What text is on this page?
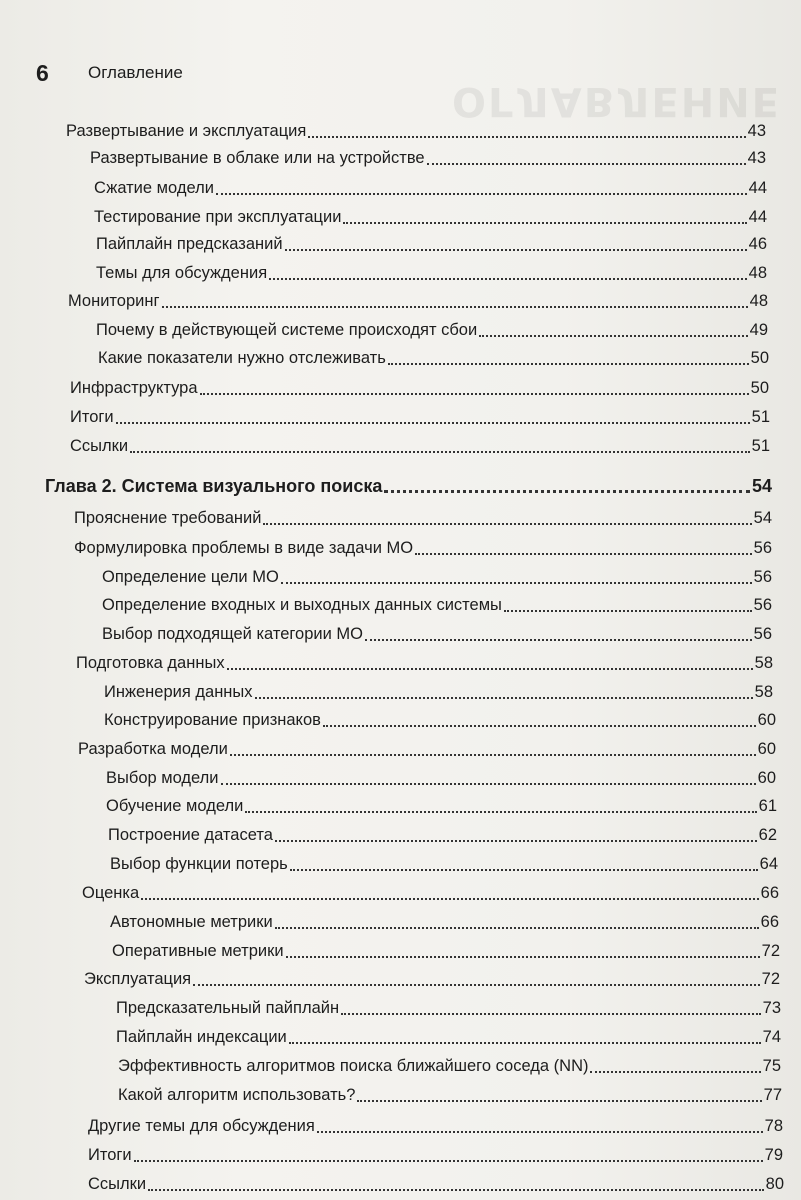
ОГЛАВЛЕНИЕ
6	Оглавление
Развертывание и эксплуатация	43
Развертывание в облаке или на устройстве	43
Сжатие модели	44
Тестирование при эксплуатации	44
Пайплайн предсказаний	46
Темы для обсуждения	48
Мониторинг	48
Почему в действующей системе происходят сбои	49
Какие показатели нужно отслеживать	50
Инфраструктура	50
Итоги	51
Ссылки	51
Глава 2. Система визуального поиска	54
Прояснение требований	54
Формулировка проблемы в виде задачи МО	56
Определение цели МО	56
Определение входных и выходных данных системы	56
Выбор подходящей категории МО	56
Подготовка данных	58
Инженерия данных	58
Конструирование признаков	60
Разработка модели	60
Выбор модели	60
Обучение модели	61
Построение датасета	62
Выбор функции потерь	64
Оценка	66
Автономные метрики	66
Оперативные метрики	72
Эксплуатация	72
Предсказательный пайплайн	73
Пайплайн индексации	74
Эффективность алгоритмов поиска ближайшего соседа (NN)	75
Какой алгоритм использовать?	77
Другие темы для обсуждения	78
Итоги	79
Ссылки	80
